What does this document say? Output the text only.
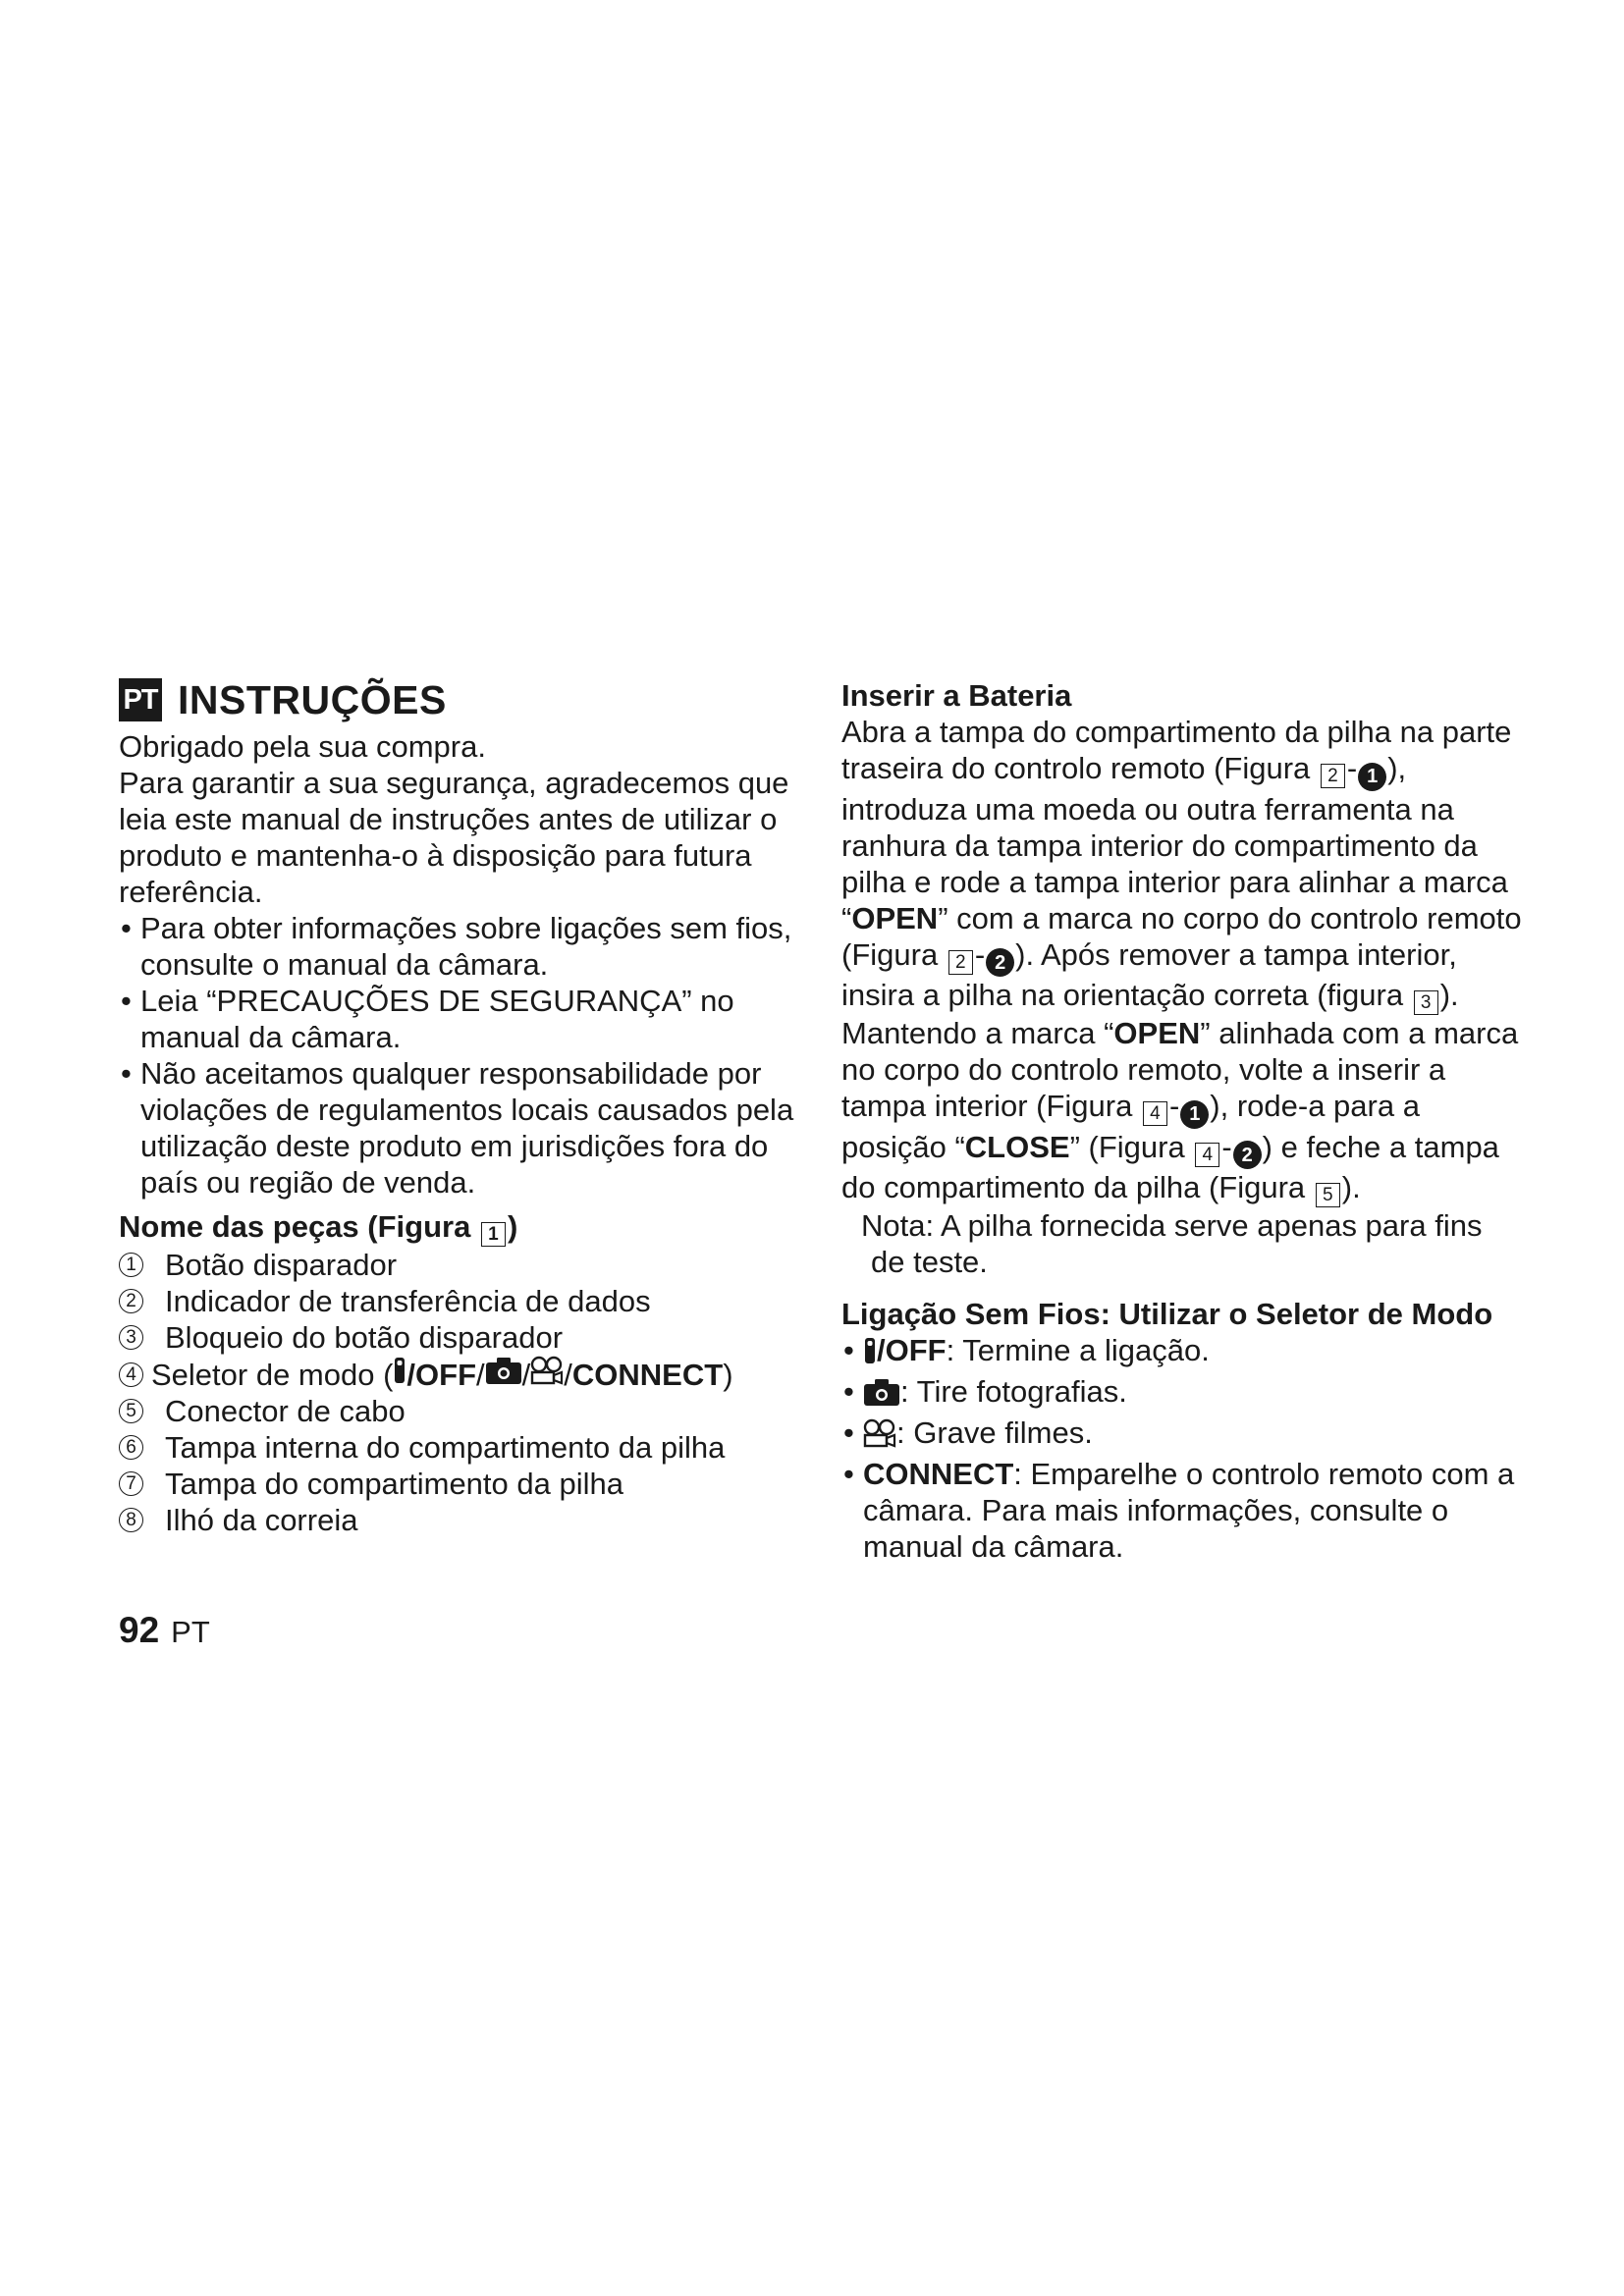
PT INSTRUÇÕES

Obrigado pela sua compra.

Para garantir a sua segurança, agradecemos que leia este manual de instruções antes de utilizar o produto e mantenha-o à disposição para futura referência.

• Para obter informações sobre ligações sem fios, consulte o manual da câmara.
• Leia “PRECAUÇÕES DE SEGURANÇA” no manual da câmara.
• Não aceitamos qualquer responsabilidade por violações de regulamentos locais causados pela utilização deste produto em jurisdições fora do país ou região de venda.

Nome das peças (Figura 1 )

1 Botão disparador
2 Indicador de transferência de dados
3 Bloqueio do botão disparador
4 Seletor de modo ( /OFF / / / CONNECT )
5 Conector de cabo
6 Tampa interna do compartimento da pilha
7 Tampa do compartimento da pilha
8 Ilhó da correia

Inserir a Bateria

Abra a tampa do compartimento da pilha na parte traseira do controlo remoto (Figura 2 - 1 ), introduza uma moeda ou outra ferramenta na ranhura da tampa interior do compartimento da pilha e rode a tampa interior para alinhar a marca “OPEN” com a marca no corpo do controlo remoto (Figura 2 - 2 ). Após remover a tampa interior, insira a pilha na orientação correta (figura 3 ). Mantendo a marca “OPEN” alinhada com a marca no corpo do controlo remoto, volte a inserir a tampa interior (Figura 4 - 1 ), rode-a para a posição “CLOSE” (Figura 4 - 2 ) e feche a tampa do compartimento da pilha (Figura 5 ).

Nota: A pilha fornecida serve apenas para fins

de teste.

Ligação Sem Fios: Utilizar o Seletor de Modo

• /OFF: Termine a ligação.
• : Tire fotografias.
• : Grave filmes.
• CONNECT: Emparelhe o controlo remoto com a câmara. Para mais informações, consulte o manual da câmara.
92 PT
